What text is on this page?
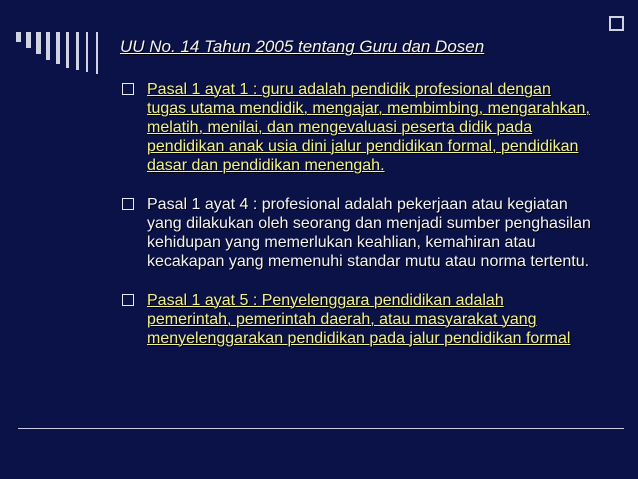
UU No. 14 Tahun 2005 tentang Guru dan Dosen
Pasal 1 ayat 1 : guru adalah pendidik profesional dengan tugas utama mendidik, mengajar, membimbing, mengarahkan, melatih, menilai, dan mengevaluasi peserta didik pada pendidikan anak usia dini jalur pendidikan formal, pendidikan dasar dan pendidikan menengah.
Pasal 1 ayat 4 : profesional adalah pekerjaan atau kegiatan yang dilakukan oleh seorang dan menjadi sumber penghasilan kehidupan yang memerlukan keahlian, kemahiran atau kecakapan yang memenuhi standar mutu atau norma tertentu.
Pasal 1 ayat 5 : Penyelenggara pendidikan adalah pemerintah, pemerintah daerah, atau masyarakat yang menyelenggarakan pendidikan pada jalur pendidikan formal
